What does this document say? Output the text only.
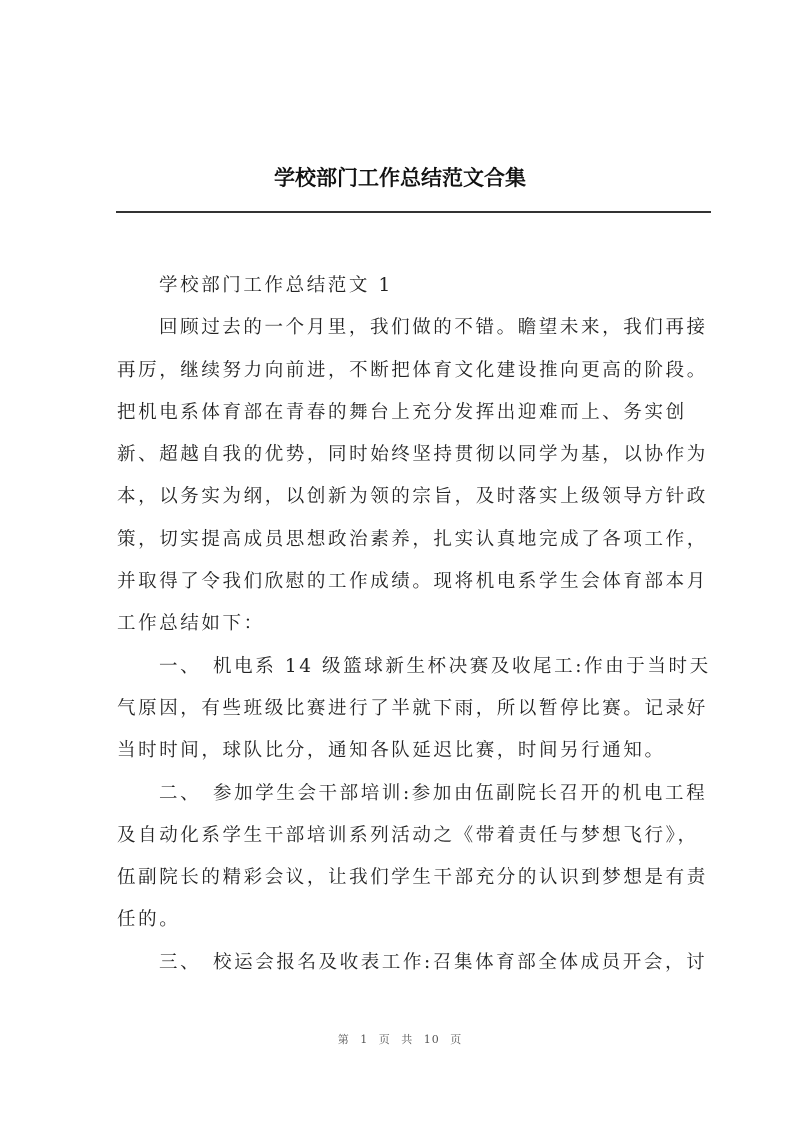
学校部门工作总结范文合集
学校部门工作总结范文 1
回顾过去的一个月里，我们做的不错。瞻望未来，我们再接
再厉，继续努力向前进，不断把体育文化建设推向更高的阶段。
把机电系体育部在青春的舞台上充分发挥出迎难而上、务实创
新、超越自我的优势，同时始终坚持贯彻以同学为基，以协作为
本，以务实为纲，以创新为领的宗旨，及时落实上级领导方针政
策，切实提高成员思想政治素养，扎实认真地完成了各项工作，
并取得了令我们欣慰的工作成绩。现将机电系学生会体育部本月
工作总结如下：
一、　机电系 14 级篮球新生杯决赛及收尾工:作由于当时天
气原因，有些班级比赛进行了半就下雨，所以暂停比赛。记录好
当时时间，球队比分，通知各队延迟比赛，时间另行通知。
二、　参加学生会干部培训:参加由伍副院长召开的机电工程
及自动化系学生干部培训系列活动之《带着责任与梦想飞行》，
伍副院长的精彩会议，让我们学生干部充分的认识到梦想是有责
任的。
三、　校运会报名及收表工作:召集体育部全体成员开会，讨
第 1 页 共 10 页
